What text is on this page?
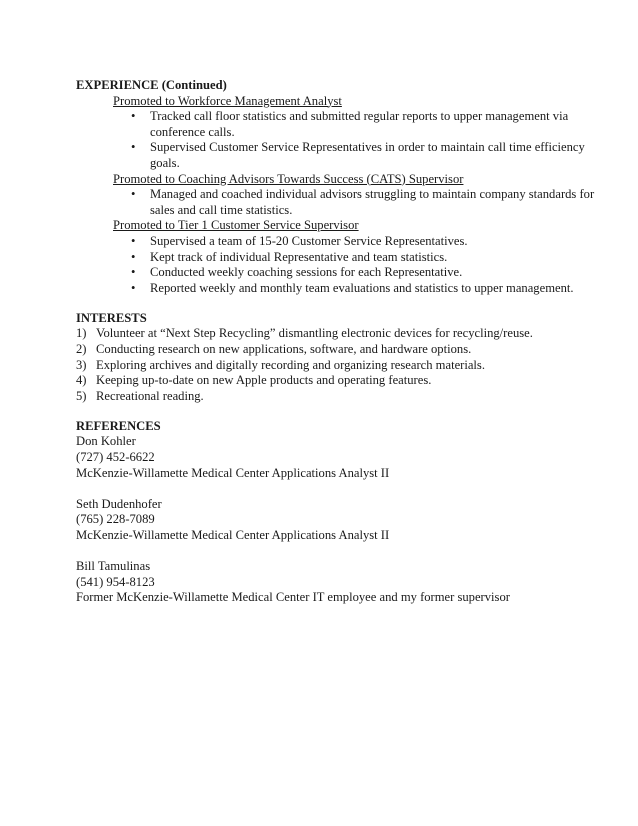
EXPERIENCE (Continued)

Promoted to Workforce Management Analyst

• Tracked call floor statistics and submitted regular reports to upper management via conference calls.
• Supervised Customer Service Representatives in order to maintain call time efficiency goals.

Promoted to Coaching Advisors Towards Success (CATS) Supervisor

• Managed and coached individual advisors struggling to maintain company standards for sales and call time statistics.

Promoted to Tier 1 Customer Service Supervisor

• Supervised a team of 15-20 Customer Service Representatives.
• Kept track of individual Representative and team statistics.
• Conducted weekly coaching sessions for each Representative.
• Reported weekly and monthly team evaluations and statistics to upper management.

INTERESTS

1) Volunteer at “Next Step Recycling” dismantling electronic devices for recycling/reuse.
2) Conducting research on new applications, software, and hardware options.
3) Exploring archives and digitally recording and organizing research materials.
4) Keeping up-to-date on new Apple products and operating features.
5) Recreational reading.

REFERENCES

Don Kohler

(727) 452-6622

McKenzie-Willamette Medical Center Applications Analyst II

Seth Dudenhofer

(765) 228-7089

McKenzie-Willamette Medical Center Applications Analyst II

Bill Tamulinas

(541) 954-8123

Former McKenzie-Willamette Medical Center IT employee and my former supervisor
